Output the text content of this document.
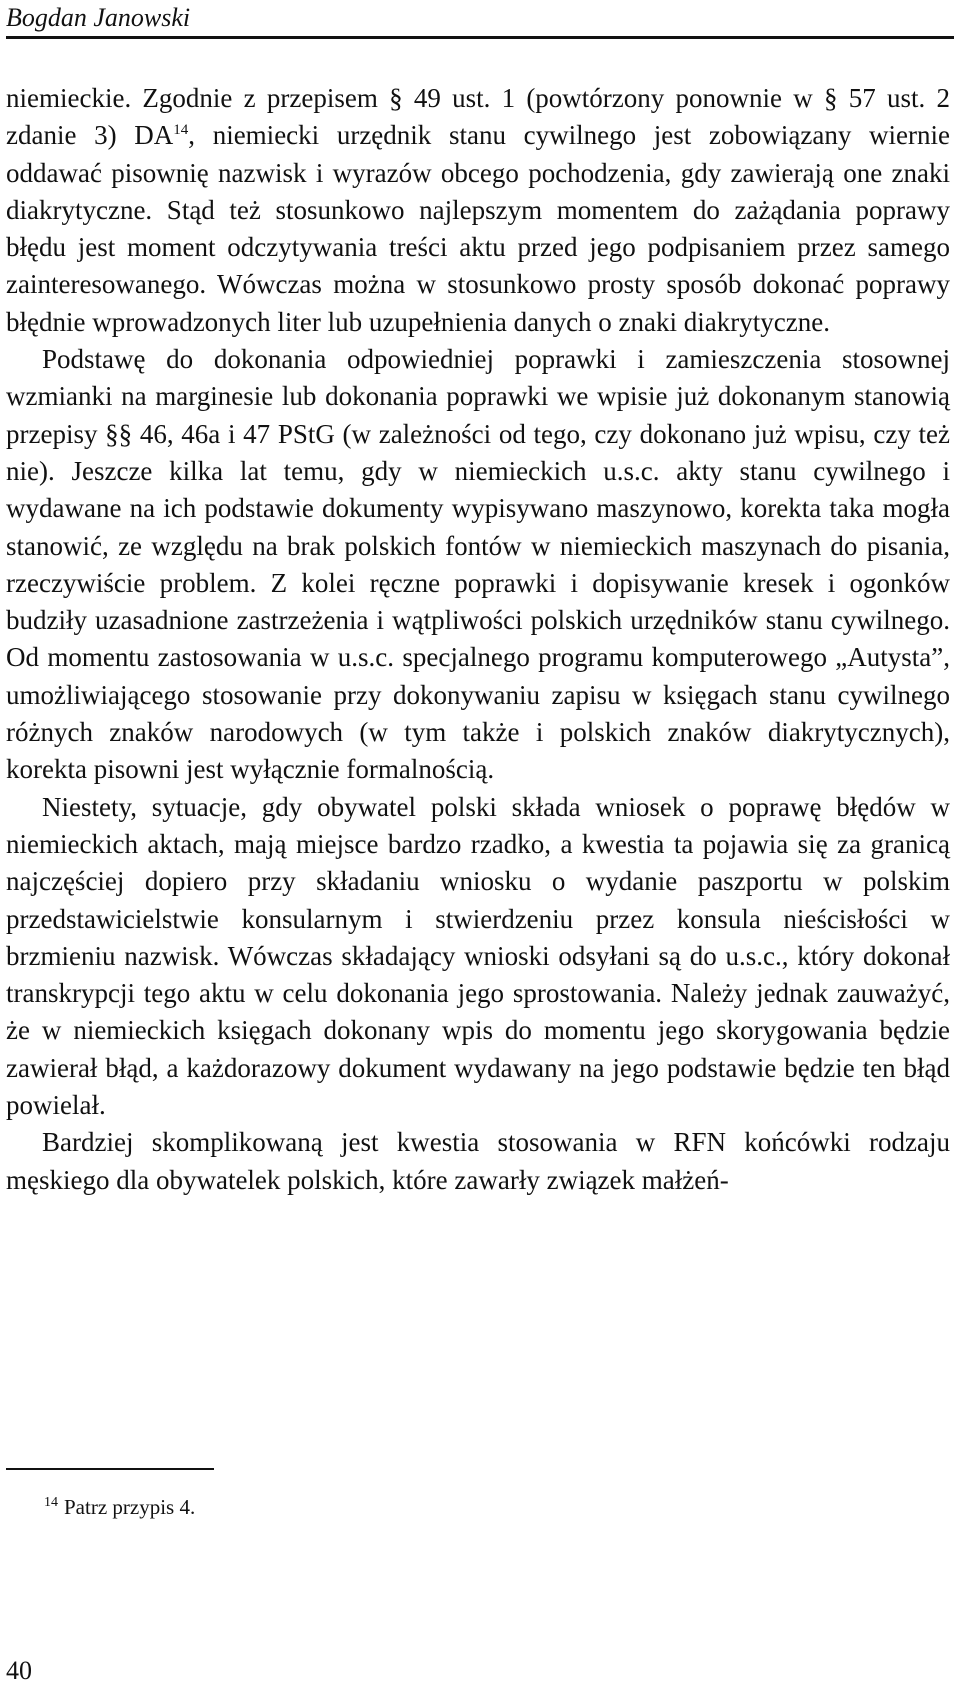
Bogdan Janowski

niemieckie. Zgodnie z przepisem § 49 ust. 1 (powtórzony ponownie w § 57 ust. 2 zdanie 3) DA$^{14}$, niemiecki urzędnik stanu cywilnego jest zobowiązany wiernie oddawać pisownię nazwisk i wyrazów obcego pochodzenia, gdy zawierają one znaki diakrytyczne. Stąd też stosunkowo najlepszym momentem do zażądania poprawy błędu jest moment odczytywania treści aktu przed jego podpisaniem przez samego zainteresowanego. Wówczas można w stosunkowo prosty sposób dokonać poprawy błędnie wprowadzonych liter lub uzupełnienia danych o znaki diakrytyczne.

Podstawę do dokonania odpowiedniej poprawki i zamieszczenia stosownej wzmianki na marginesie lub dokonania poprawki we wpisie już dokonanym stanowią przepisy §§ 46, 46a i 47 PStG (w zależności od tego, czy dokonano już wpisu, czy też nie). Jeszcze kilka lat temu, gdy w niemieckich u.s.c. akty stanu cywilnego i wydawane na ich podstawie dokumenty wypisywano maszynowo, korekta taka mogła stanowić, ze względu na brak polskich fontów w niemieckich maszynach do pisania, rzeczywiście problem. Z kolei ręczne poprawki i dopisywanie kresek i ogonków budziły uzasadnione zastrzeżenia i wątpliwości polskich urzędników stanu cywilnego. Od momentu zastosowania w u.s.c. specjalnego programu komputerowego „Autysta”, umożliwiającego stosowanie przy dokonywaniu zapisu w księgach stanu cywilnego różnych znaków narodowych (w tym także i polskich znaków diakrytycznych), korekta pisowni jest wyłącznie formalnością.

Niestety, sytuacje, gdy obywatel polski składa wniosek o poprawę błędów w niemieckich aktach, mają miejsce bardzo rzadko, a kwestia ta pojawia się za granicą najczęściej dopiero przy składaniu wniosku o wydanie paszportu w polskim przedstawicielstwie konsularnym i stwierdzeniu przez konsula nieścisłości w brzmieniu nazwisk. Wówczas składający wnioski odsyłani są do u.s.c., który dokonał transkrypcji tego aktu w celu dokonania jego sprostowania. Należy jednak zauważyć, że w niemieckich księgach dokonany wpis do momentu jego skorygowania będzie zawierał błąd, a każdorazowy dokument wydawany na jego podstawie będzie ten błąd powielał.

Bardziej skomplikowaną jest kwestia stosowania w RFN końcówki rodzaju męskiego dla obywatelek polskich, które zawarły związek małżeń-

$^{14}$ Patrz przypis 4.
40
